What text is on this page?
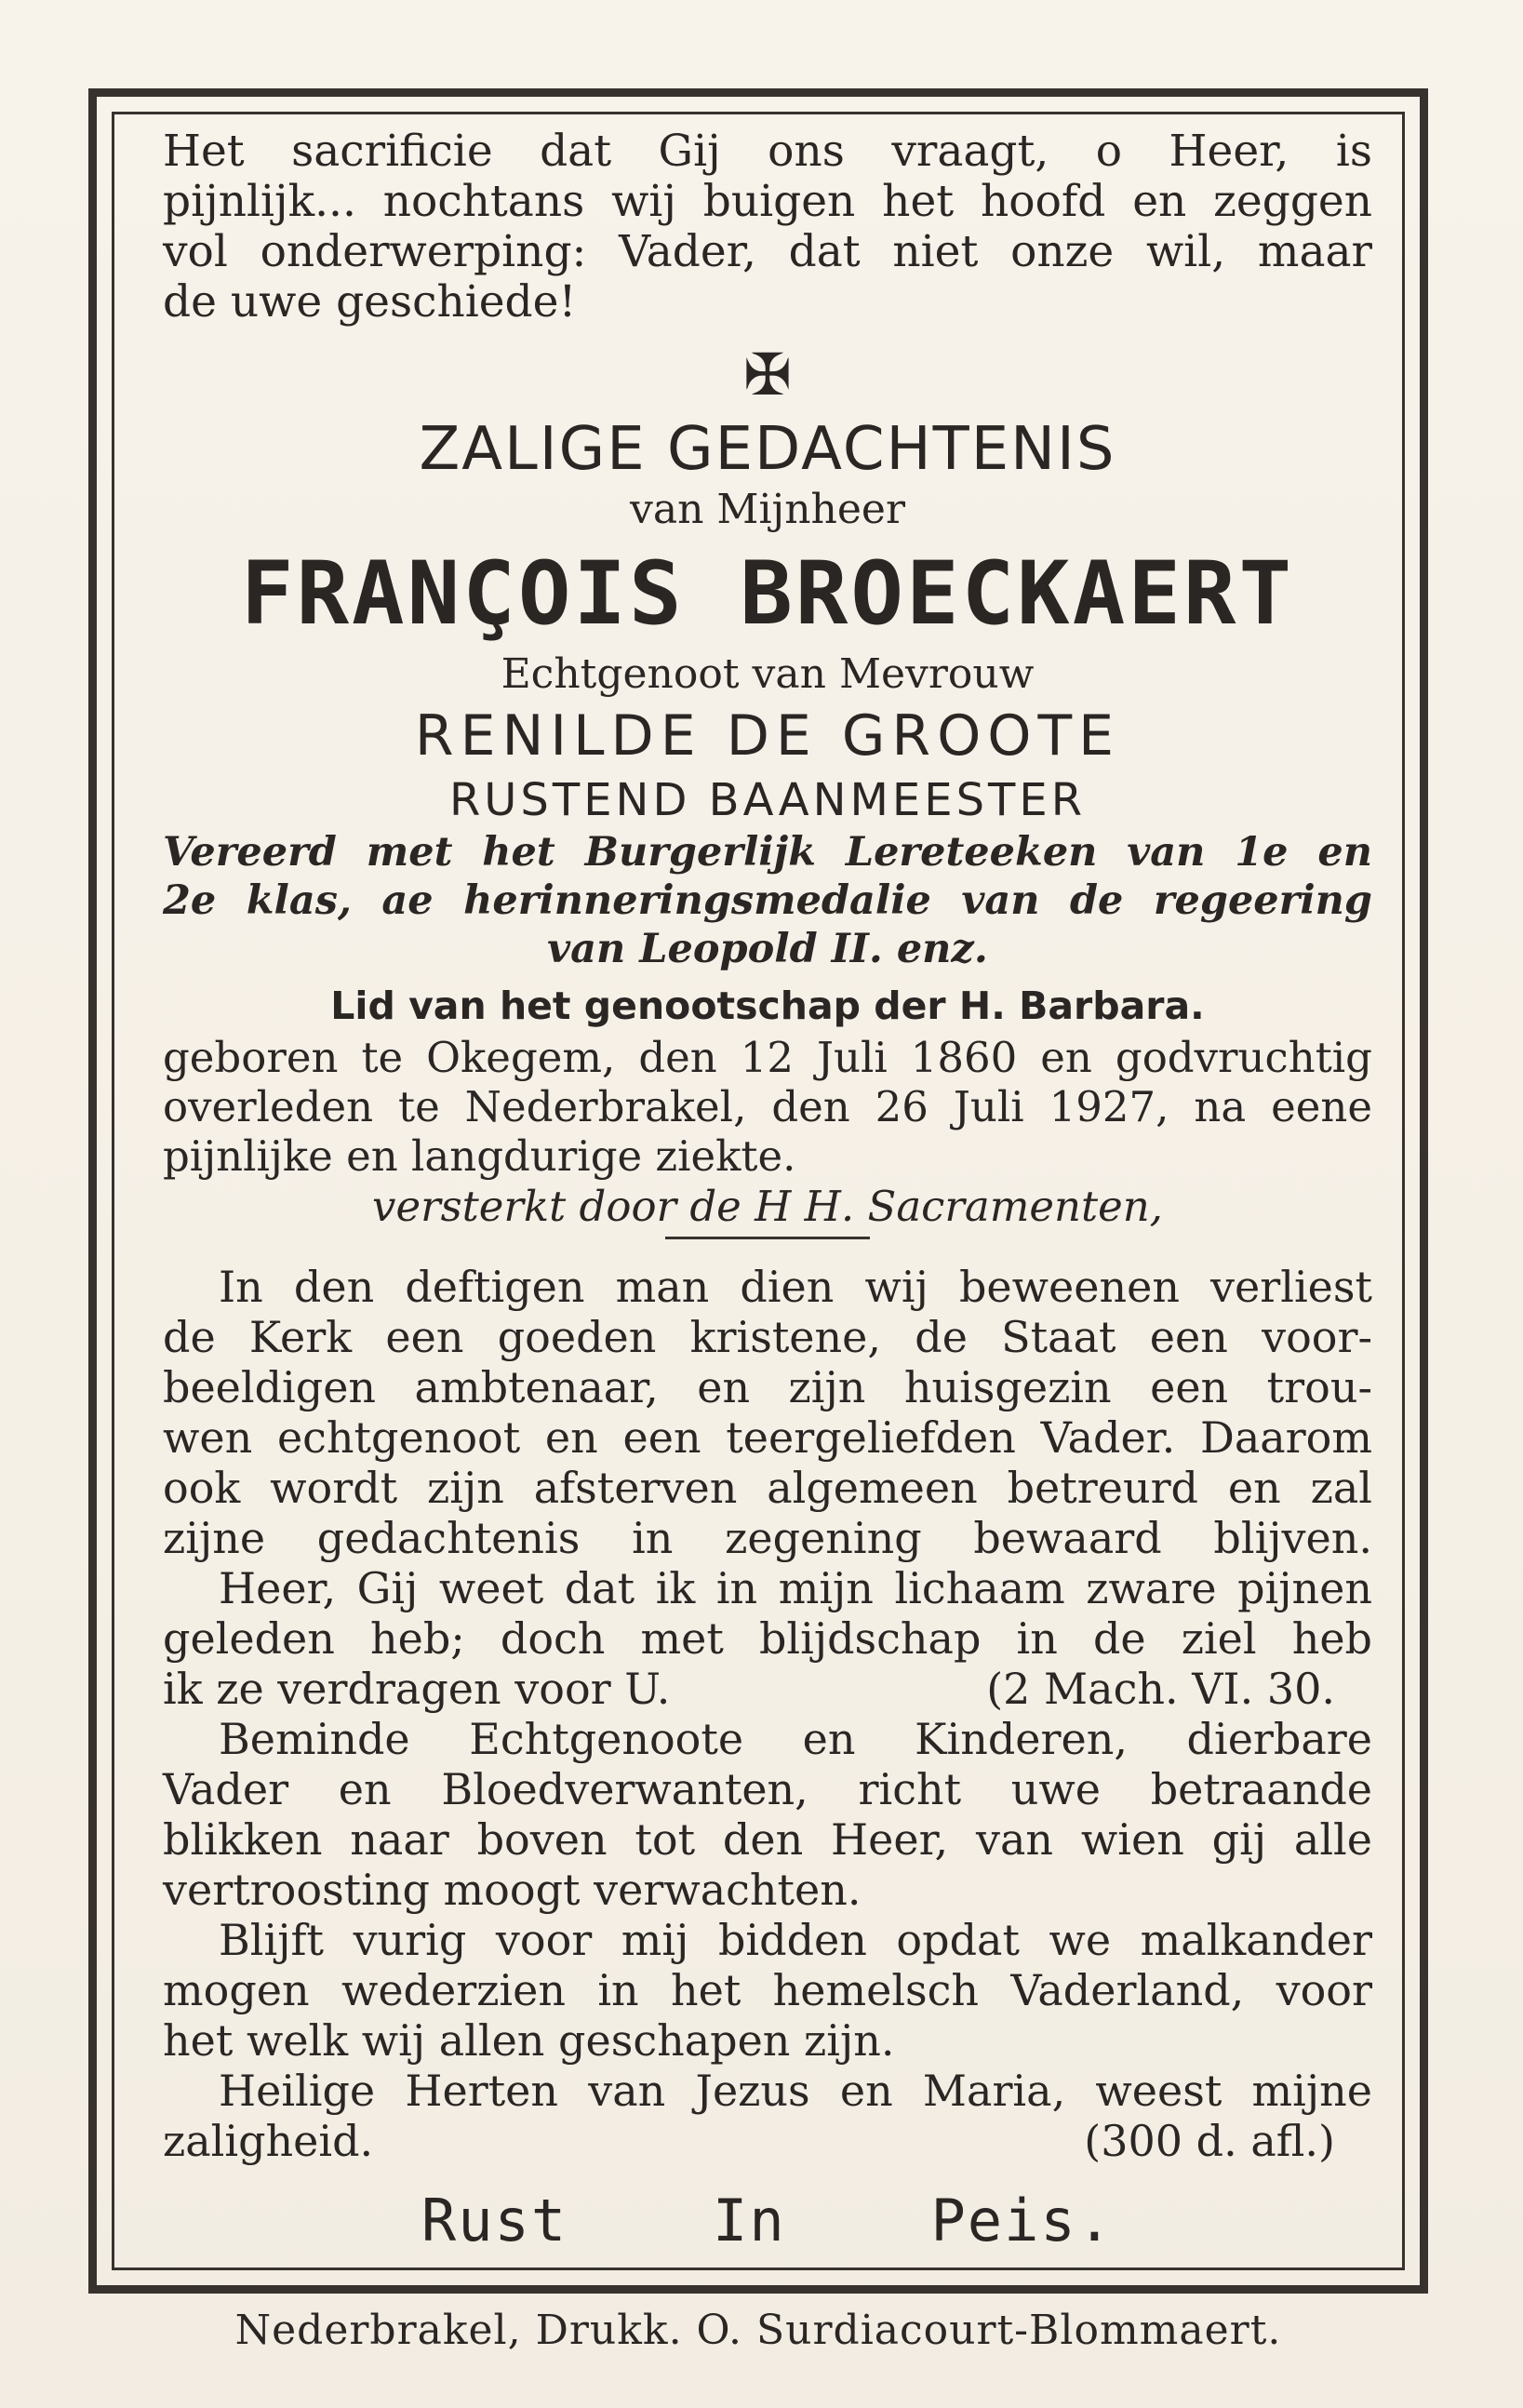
Het sacrificie dat Gij ons vraagt, o Heer, is

pijnlijk... nochtans wij buigen het hoofd en zeggen

vol onderwerping: Vader, dat niet onze wil, maar

de uwe geschiede!

✠
ZALIGE GEDACHTENIS
van Mijnheer
FRANÇOIS BROECKAERT
Echtgenoot van Mevrouw
RENILDE DE GROOTE
RUSTEND BAANMEESTER
Vereerd met het Burgerlijk Lereteeken van 1e en
2e klas, ae herinneringsmedalie van de regeering
van Leopold II. enz.
Lid van het genootschap der H. Barbara.
geboren te Okegem, den 12 Juli 1860 en godvruchtig
overleden te Nederbrakel, den 26 Juli 1927, na eene
pijnlijke en langdurige ziekte.
versterkt door de H H. Sacramenten,

In den deftigen man dien wij beweenen verliest

de Kerk een goeden kristene, de Staat een voor-

beeldigen ambtenaar, en zijn huisgezin een trou-

wen echtgenoot en een teergeliefden Vader. Daarom

ook wordt zijn afsterven algemeen betreurd en zal

zijne gedachtenis in zegening bewaard blijven.

Heer, Gij weet dat ik in mijn lichaam zware pijnen

geleden heb; doch met blijdschap in de ziel heb

ik ze verdragen voor U.	(2 Mach. VI. 30.

Beminde Echtgenoote en Kinderen, dierbare

Vader en Bloedverwanten, richt uwe betraande

blikken naar boven tot den Heer, van wien gij alle

vertroosting moogt verwachten.

Blijft vurig voor mij bidden opdat we malkander

mogen wederzien in het hemelsch Vaderland, voor

het welk wij allen geschapen zijn.

Heilige Herten van Jezus en Maria, weest mijne

zaligheid.	(300 d. afl.)
Rust	In	Peis.
Nederbrakel, Drukk. O. Surdiacourt-Blommaert.
